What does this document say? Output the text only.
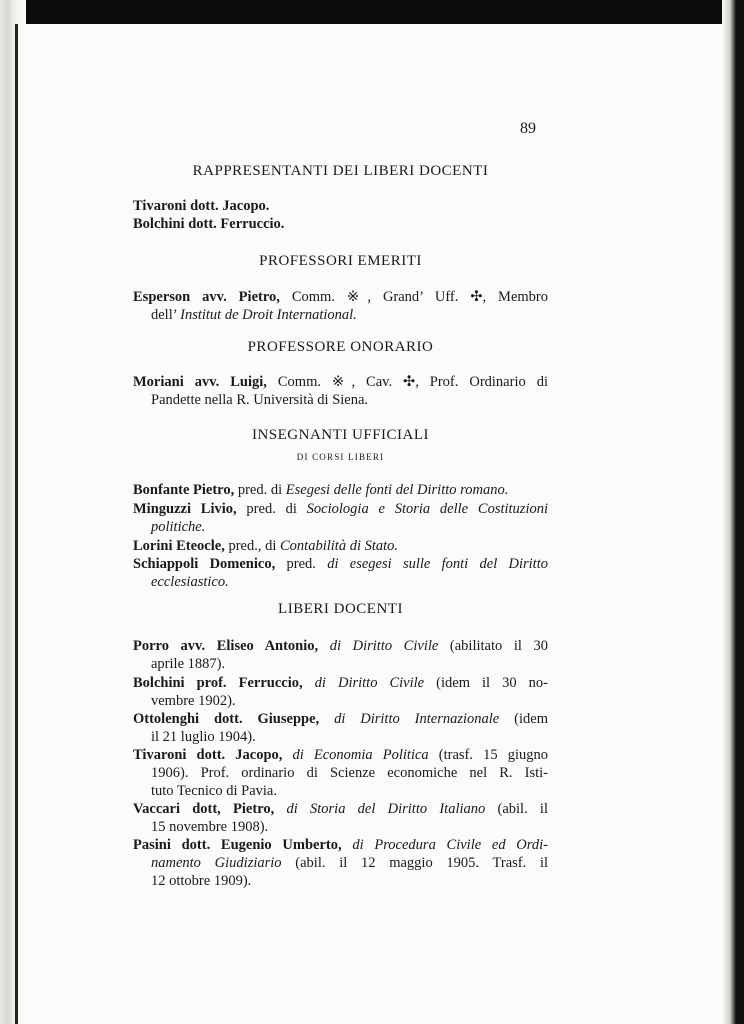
89
RAPPRESENTANTI DEI LIBERI DOCENTI
Tivaroni dott. Jacopo.
Bolchini dott. Ferruccio.
PROFESSORI EMERITI
Esperson avv. Pietro, Comm. ※, Grand’ Uff. ✣, Membro
dell’ Institut de Droit International.
PROFESSORE ONORARIO
Moriani avv. Luigi, Comm. ※, Cav. ✣, Prof. Ordinario di
Pandette nella R. Università di Siena.
INSEGNANTI UFFICIALI
DI CORSI LIBERI
Bonfante Pietro, pred. di Esegesi delle fonti del Diritto romano.
Minguzzi Livio, pred. di Sociologia e Storia delle Costituzioni
politiche.
Lorini Eteocle, pred., di Contabilità di Stato.
Schiappoli Domenico, pred. di esegesi sulle fonti del Diritto
ecclesiastico.
LIBERI DOCENTI
Porro avv. Eliseo Antonio, di Diritto Civile (abilitato il 30
aprile 1887).
Bolchini prof. Ferruccio, di Diritto Civile (idem il 30 no-
vembre 1902).
Ottolenghi dott. Giuseppe, di Diritto Internazionale (idem
il 21 luglio 1904).
Tivaroni dott. Jacopo, di Economia Politica (trasf. 15 giugno
1906). Prof. ordinario di Scienze economiche nel R. Isti-
tuto Tecnico di Pavia.
Vaccari dott, Pietro, di Storia del Diritto Italiano (abil. il
15 novembre 1908).
Pasini dott. Eugenio Umberto, di Procedura Civile ed Ordi-
namento Giudiziario (abil. il 12 maggio 1905. Trasf. il
12 ottobre 1909).
